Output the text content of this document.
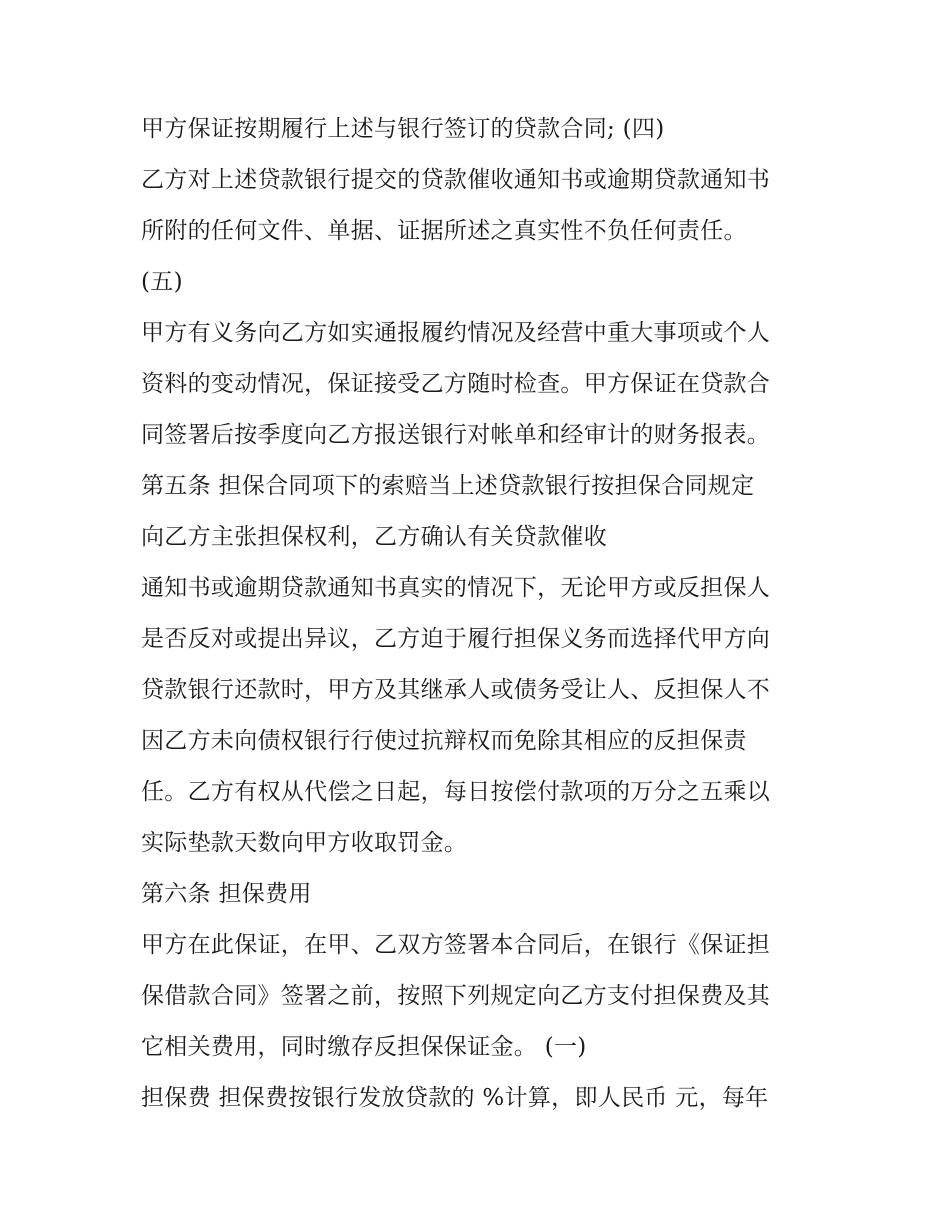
甲方保证按期履行上述与银行签订的贷款合同; (四)
乙方对上述贷款银行提交的贷款催收通知书或逾期贷款通知书
所附的任何文件、单据、证据所述之真实性不负任何责任。
(五)
甲方有义务向乙方如实通报履约情况及经营中重大事项或个人
资料的变动情况，保证接受乙方随时检查。甲方保证在贷款合
同签署后按季度向乙方报送银行对帐单和经审计的财务报表。
第五条 担保合同项下的索赔当上述贷款银行按担保合同规定
向乙方主张担保权利，乙方确认有关贷款催收
通知书或逾期贷款通知书真实的情况下，无论甲方或反担保人
是否反对或提出异议，乙方迫于履行担保义务而选择代甲方向
贷款银行还款时，甲方及其继承人或债务受让人、反担保人不
因乙方未向债权银行行使过抗辩权而免除其相应的反担保责
任。乙方有权从代偿之日起，每日按偿付款项的万分之五乘以
实际垫款天数向甲方收取罚金。
第六条 担保费用
甲方在此保证，在甲、乙双方签署本合同后，在银行《保证担
保借款合同》签署之前，按照下列规定向乙方支付担保费及其
它相关费用，同时缴存反担保保证金。 (一)
担保费 担保费按银行发放贷款的 %计算，即人民币 元，每年
